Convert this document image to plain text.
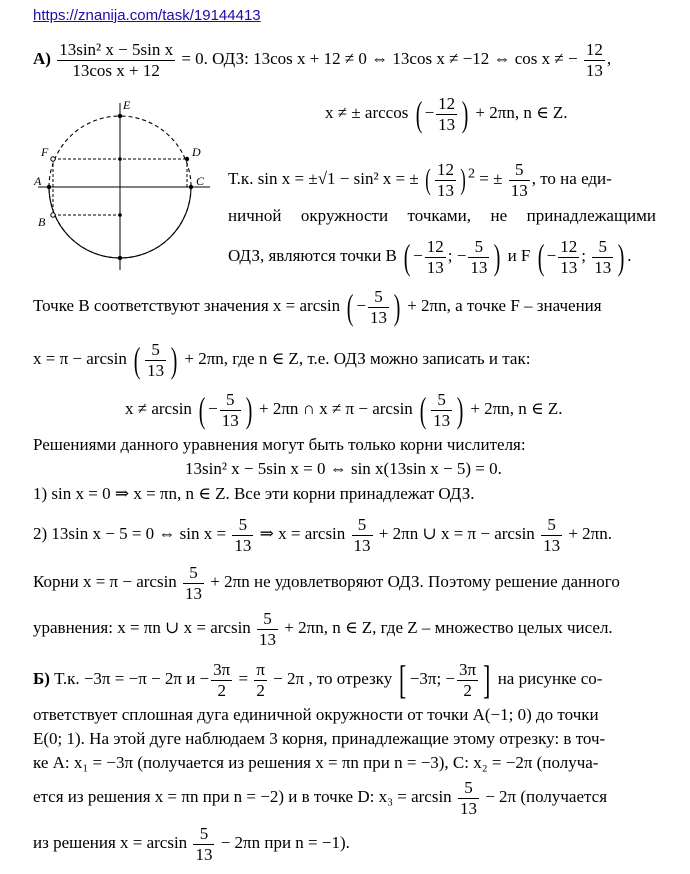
https://znanija.com/task/19144413
$А) \frac{\text{13sin² x − 5sin x}}{\text{13cos x + 12}} = 0$. ОДЗ: 13cos x + 12 ≠ 0 ⇔ 13cos x ≠ −12 ⇔ cos x ≠ − $\frac{12}{13}$ ,
x ≠ ± arccos ( − $\frac{12}{13}$ ) + 2πn, n ∈ Z.
E
F	D
A	C
B
Т.к. sin x = ±√1 − sin² x = ± ( $\frac{12}{13}$ ) $^2$ = ± $\frac{5}{13}$ , то на еди-
ничной окружности точками, не принадлежащими
ОДЗ, являются точки B ( − $\frac{12}{13}$ ; − $\frac{5}{13}$ ) и F ( − $\frac{12}{13}$ ; $\frac{5}{13}$ ) .
Точке B соответствуют значения x = arcsin ( − $\frac{5}{13}$ ) + 2πn, а точке F – значения
x = π − arcsin ( $\frac{5}{13}$ ) + 2πn, где n ∈ Z, т.е. ОДЗ можно записать и так:
x ≠ arcsin ( − $\frac{5}{13}$ ) + 2πn ∩ x ≠ π − arcsin ( $\frac{5}{13}$ ) + 2πn, n ∈ Z.
Решениями данного уравнения могут быть только корни числителя:
13sin² x − 5sin x = 0 ⇔ sin x(13sin x − 5) = 0.
1) sin x = 0 ⇒ x = πn, n ∈ Z. Все эти корни принадлежат ОДЗ.
2) 13sin x − 5 = 0 ⇔ $\sin x = \frac{5}{13}$ ⇒ $x = \arcsin \frac{5}{13} + 2\pi n$ ∪ $x = \pi - \arcsin \frac{5}{13} + 2\pi n$.
Корни $x = \pi - \arcsin \frac{5}{13} + 2\pi n$ не удовлетворяют ОДЗ. Поэтому решение данного
уравнения: x = πn ∪ $x = \arcsin \frac{5}{13} + 2\pi n$, n ∈ Z, где Z – множество целых чисел.
Б) Т.к. −3π = −π − 2π $и - \frac{3\pi}{2} = \frac{\pi}{2} - 2\pi$ , то отрезку [ −3π; − $\frac{3\pi}{2}$ ] на рисунке со-
ответствует сплошная дуга единичной окружности от точки A(−1; 0) до точки
E(0; 1). На этой дуге наблюдаем 3 корня, принадлежащие этому отрезку: в точ-
ке A: x₁ = −3π (получается из решения x = πn при n = −3), C: x₂ = −2π (получа-
ется из решения x = πn при n = −2) и в точке D: $x_3 = \arcsin \frac{5}{13} - 2\pi$ (получается
из решения $x = \arcsin \frac{5}{13} - 2\pi n$ при n = −1).
